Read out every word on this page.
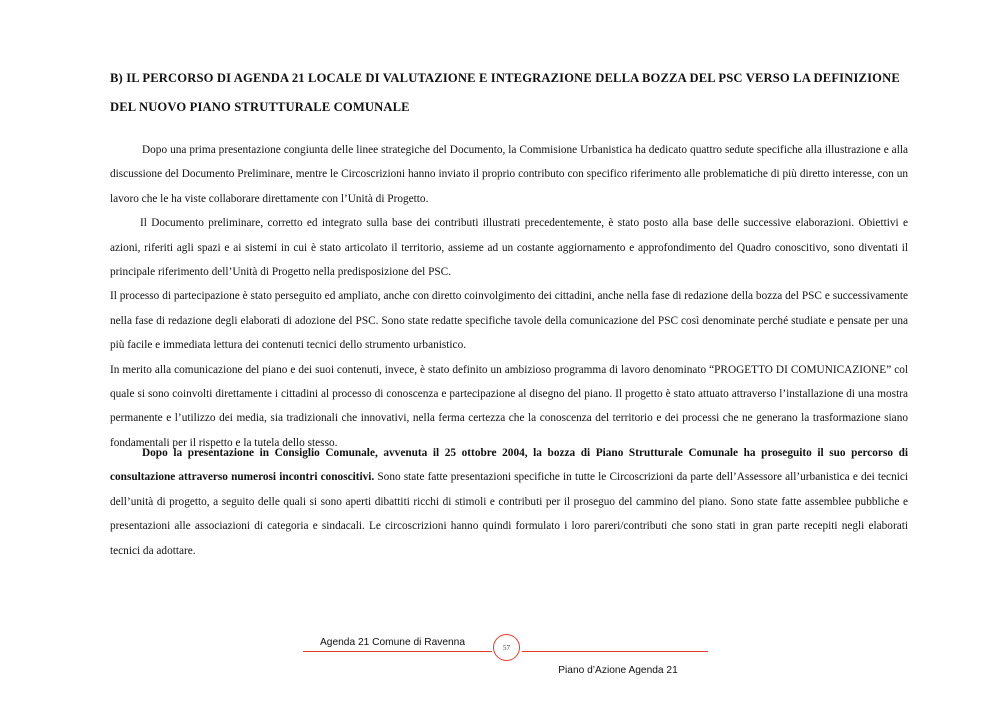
B) IL PERCORSO DI AGENDA 21 LOCALE DI VALUTAZIONE E INTEGRAZIONE DELLA BOZZA DEL PSC VERSO LA DEFINIZIONE DEL NUOVO PIANO STRUTTURALE COMUNALE

Dopo una prima presentazione congiunta delle linee strategiche del Documento, la Commisione Urbanistica ha dedicato quattro sedute specifiche alla illustrazione e alla discussione del Documento Preliminare, mentre le Circoscrizioni hanno inviato il proprio contributo con specifico riferimento alle problematiche di più diretto interesse, con un lavoro che le ha viste collaborare direttamente con l’Unità di Progetto.

Il Documento preliminare, corretto ed integrato sulla base dei contributi illustrati precedentemente, è stato posto alla base delle successive elaborazioni. Obiettivi e azioni, riferiti agli spazi e ai sistemi in cui è stato articolato il territorio, assieme ad un costante aggiornamento e approfondimento del Quadro conoscitivo, sono diventati il principale riferimento dell’Unità di Progetto nella predisposizione del PSC.

Il processo di partecipazione è stato perseguito ed ampliato, anche con diretto coinvolgimento dei cittadini, anche nella fase di redazione della bozza del PSC e successivamente nella fase di redazione degli elaborati di adozione del PSC. Sono state redatte specifiche tavole della comunicazione del PSC così denominate perché studiate e pensate per una più facile e immediata lettura dei contenuti tecnici dello strumento urbanistico.

In merito alla comunicazione del piano e dei suoi contenuti, invece, è stato definito un ambizioso programma di lavoro denominato “PROGETTO DI COMUNICAZIONE” col quale si sono coinvolti direttamente i cittadini al processo di conoscenza e partecipazione al disegno del piano. Il progetto è stato attuato attraverso l’installazione di una mostra permanente e l’utilizzo dei media, sia tradizionali che innovativi, nella ferma certezza che la conoscenza del territorio e dei processi che ne generano la trasformazione siano fondamentali per il rispetto e la tutela dello stesso.

Dopo la presentazione in Consiglio Comunale, avvenuta il 25 ottobre 2004, la bozza di Piano Strutturale Comunale ha proseguito il suo percorso di consultazione attraverso numerosi incontri conoscitivi. Sono state fatte presentazioni specifiche in tutte le Circoscrizioni da parte dell’Assessore all’urbanistica e dei tecnici dell’unità di progetto, a seguito delle quali si sono aperti dibattiti ricchi di stimoli e contributi per il proseguo del cammino del piano. Sono state fatte assemblee pubbliche e presentazioni alle associazioni di categoria e sindacali. Le circoscrizioni hanno quindi formulato i loro pareri/contributi che sono stati in gran parte recepiti negli elaborati tecnici da adottare.

Agenda 21 Comune di Ravenna	57
Piano d’Azione Agenda 21
